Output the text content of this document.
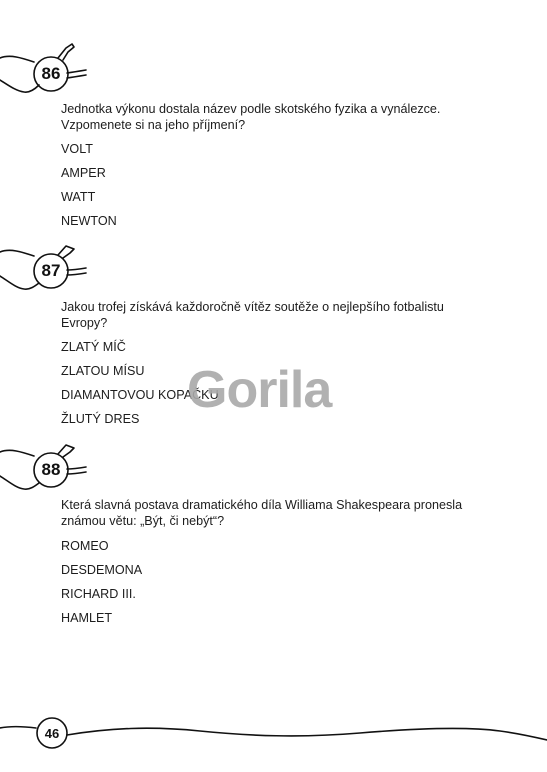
86
Jednotka výkonu dostala název podle skotského fyzika a vynálezce. Vzpomenete si na jeho příjmení?
VOLT
AMPER
WATT
NEWTON
87
Jakou trofej získává každoročně vítěz soutěže o nejlepšího fotbalistu Evropy?
ZLATÝ MÍČ
ZLATOU MÍSU
DIAMANTOVOU KOPAČKU
ŽLUTÝ DRES Gorila
88
Která slavná postava dramatického díla Williama Shakespeara pronesla známou větu: „Být, či nebýt“?
ROMEO
DESDEMONA
RICHARD III.
HAMLET
46
